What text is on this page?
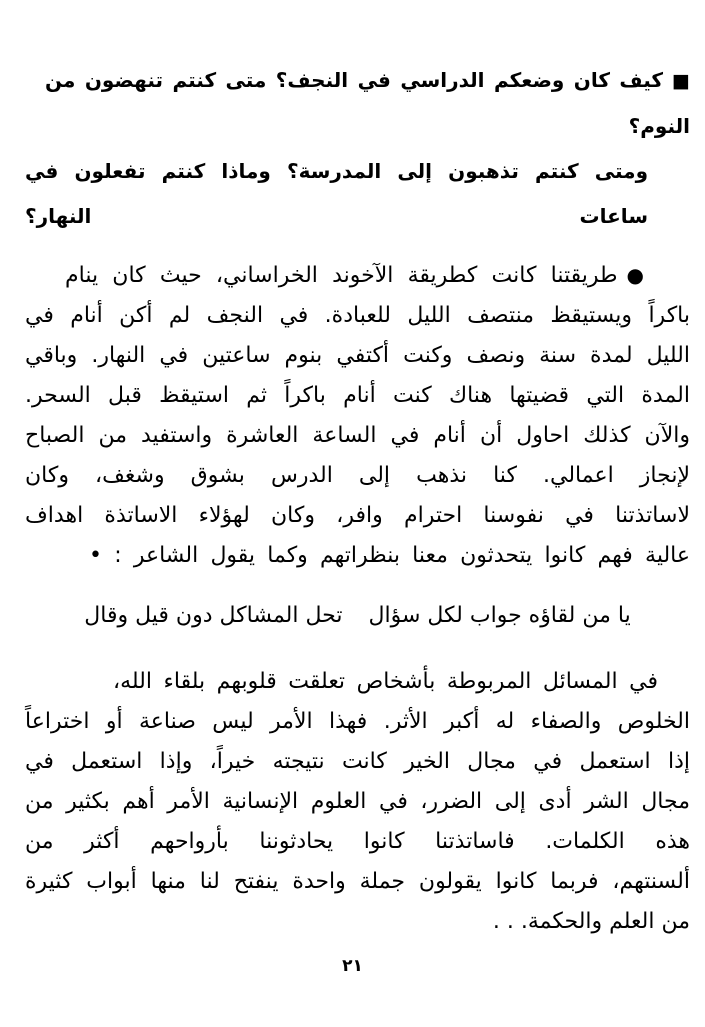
■كيف كان وضعكم الدراسي في النجف؟ متى كنتم تنهضون من النوم؟
ومتى كنتم تذهبون إلى المدرسة؟ وماذا كنتم تفعلون في ساعات النهار؟
●طريقتنا كانت كطريقة الآخوند الخراساني، حيث كان ينام
باكراً ويستيقظ منتصف الليل للعبادة. في النجف لم أكن أنام في
الليل لمدة سنة ونصف وكنت أكتفي بنوم ساعتين في النهار. وباقي
المدة التي قضيتها هناك كنت أنام باكراً ثم استيقظ قبل السحر.
والآن كذلك احاول أن أنام في الساعة العاشرة واستفيد من الصباح
لإنجاز اعمالي. كنا نذهب إلى الدرس بشوق وشغف، وكان
لاساتذتنا في نفوسنا احترام وافر، وكان لهؤلاء الاساتذة اهداف
عالية فهم كانوا يتحدثون معنا بنظراتهم وكما يقول الشاعر : •
يا من لقاؤه جواب لكل سؤال
تحل المشاكل دون قيل وقال
في المسائل المربوطة بأشخاص تعلقت قلوبهم بلقاء الله،
الخلوص والصفاء له أكبر الأثر. فهذا الأمر ليس صناعة أو اختراعاً
إذا استعمل في مجال الخير كانت نتيجته خيراً، وإذا استعمل في
مجال الشر أدى إلى الضرر، في العلوم الإنسانية الأمر أهم بكثير من
هذه الكلمات. فاساتذتنا كانوا يحادثوننا بأرواحهم أكثر من
ألسنتهم، فربما كانوا يقولون جملة واحدة ينفتح لنا منها أبواب كثيرة
من العلم والحكمة. . .
٢١
